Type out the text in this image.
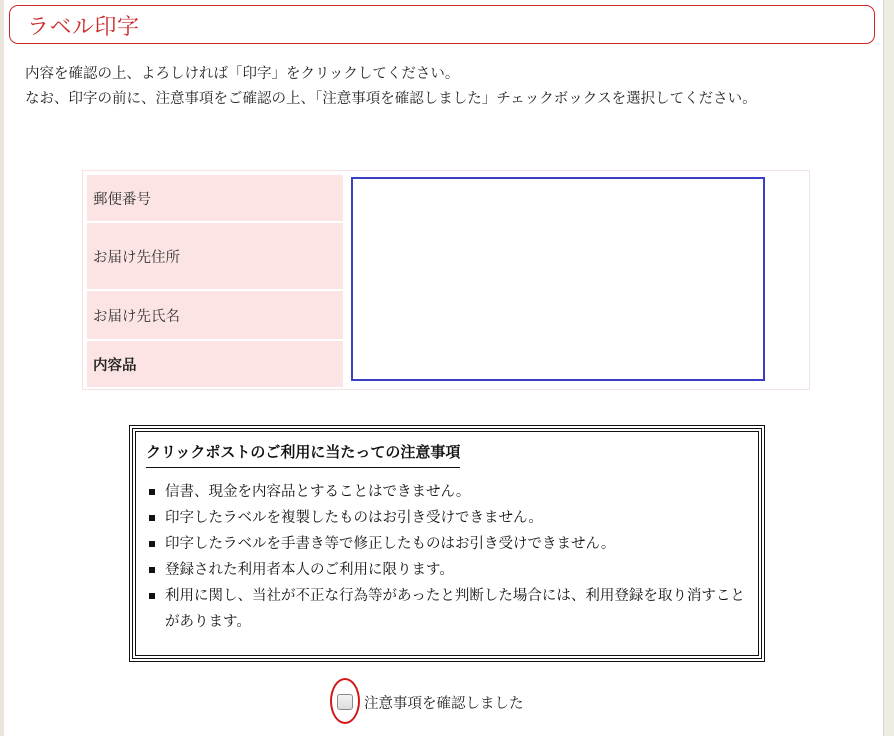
ラベル印字

内容を確認の上、よろしければ「印字」をクリックしてください。

なお、印字の前に、注意事項をご確認の上、「注意事項を確認しました」チェックボックスを選択してください。

郵便番号
お届け先住所
お届け先氏名
内容品
クリックポストのご利用に当たっての注意事項
信書、現金を内容品とすることはできません。
印字したラベルを複製したものはお引き受けできません。
印字したラベルを手書き等で修正したものはお引き受けできません。
登録された利用者本人のご利用に限ります。
利用に関し、当社が不正な行為等があったと判断した場合には、利用登録を取り消すことがあります。
注意事項を確認しました
